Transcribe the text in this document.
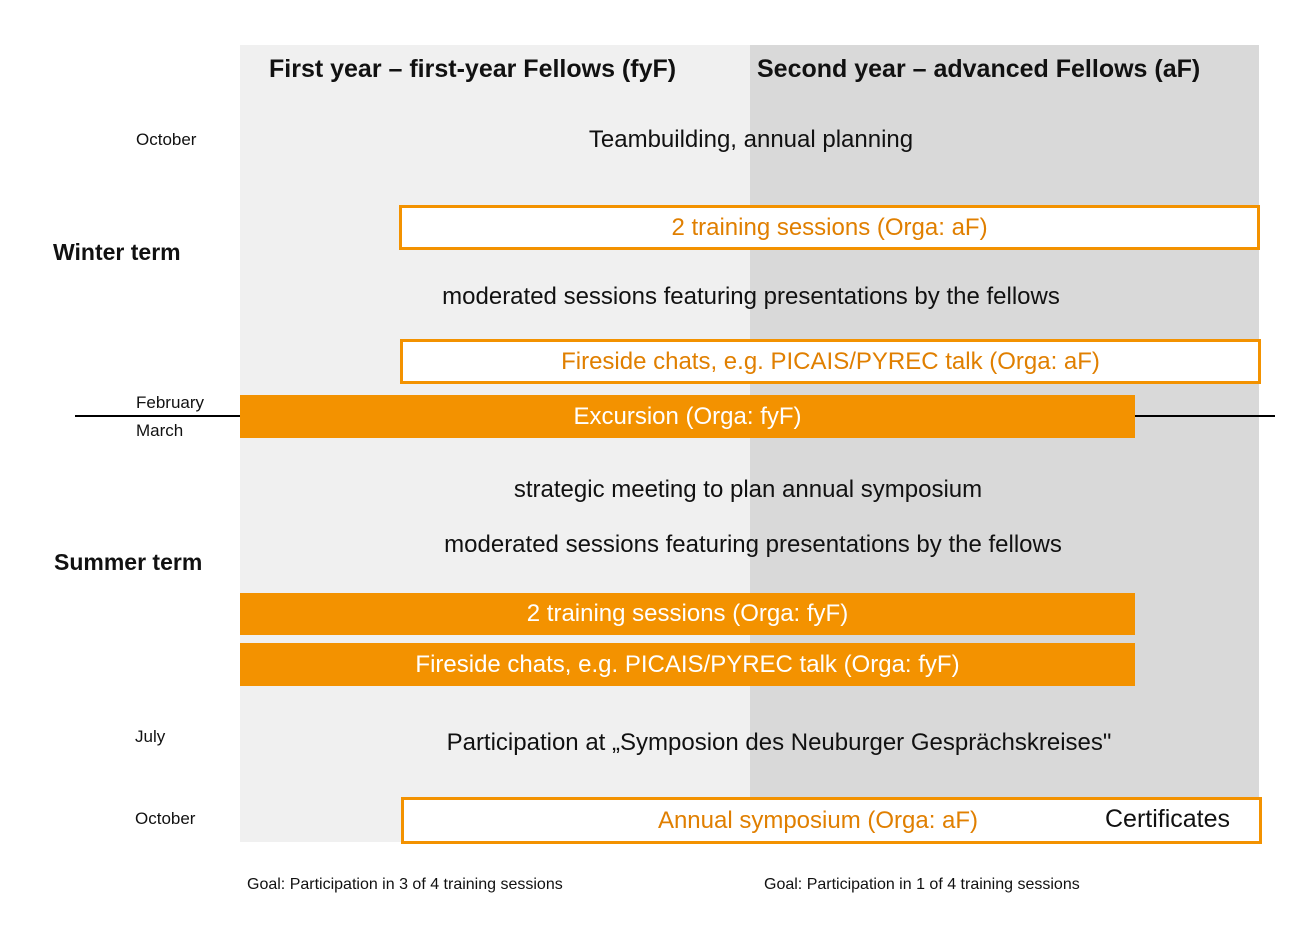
First year – first-year Fellows (fyF)	Second year – advanced Fellows (aF)
October
Winter term
February
March
Summer term
July
October
Teambuilding, annual planning
2 training sessions (Orga: aF)
moderated sessions featuring presentations by the fellows
Fireside chats, e.g. PICAIS/PYREC talk (Orga: aF)
Excursion (Orga: fyF)
strategic meeting to plan annual symposium
moderated sessions featuring presentations by the fellows
2 training sessions (Orga: fyF)
Fireside chats, e.g. PICAIS/PYREC talk (Orga: fyF)
Participation at „Symposion des Neuburger Gesprächskreises"
Annual symposium (Orga: aF)	Certificates
Goal: Participation in 3 of 4 training sessions	Goal: Participation in 1 of 4 training sessions
